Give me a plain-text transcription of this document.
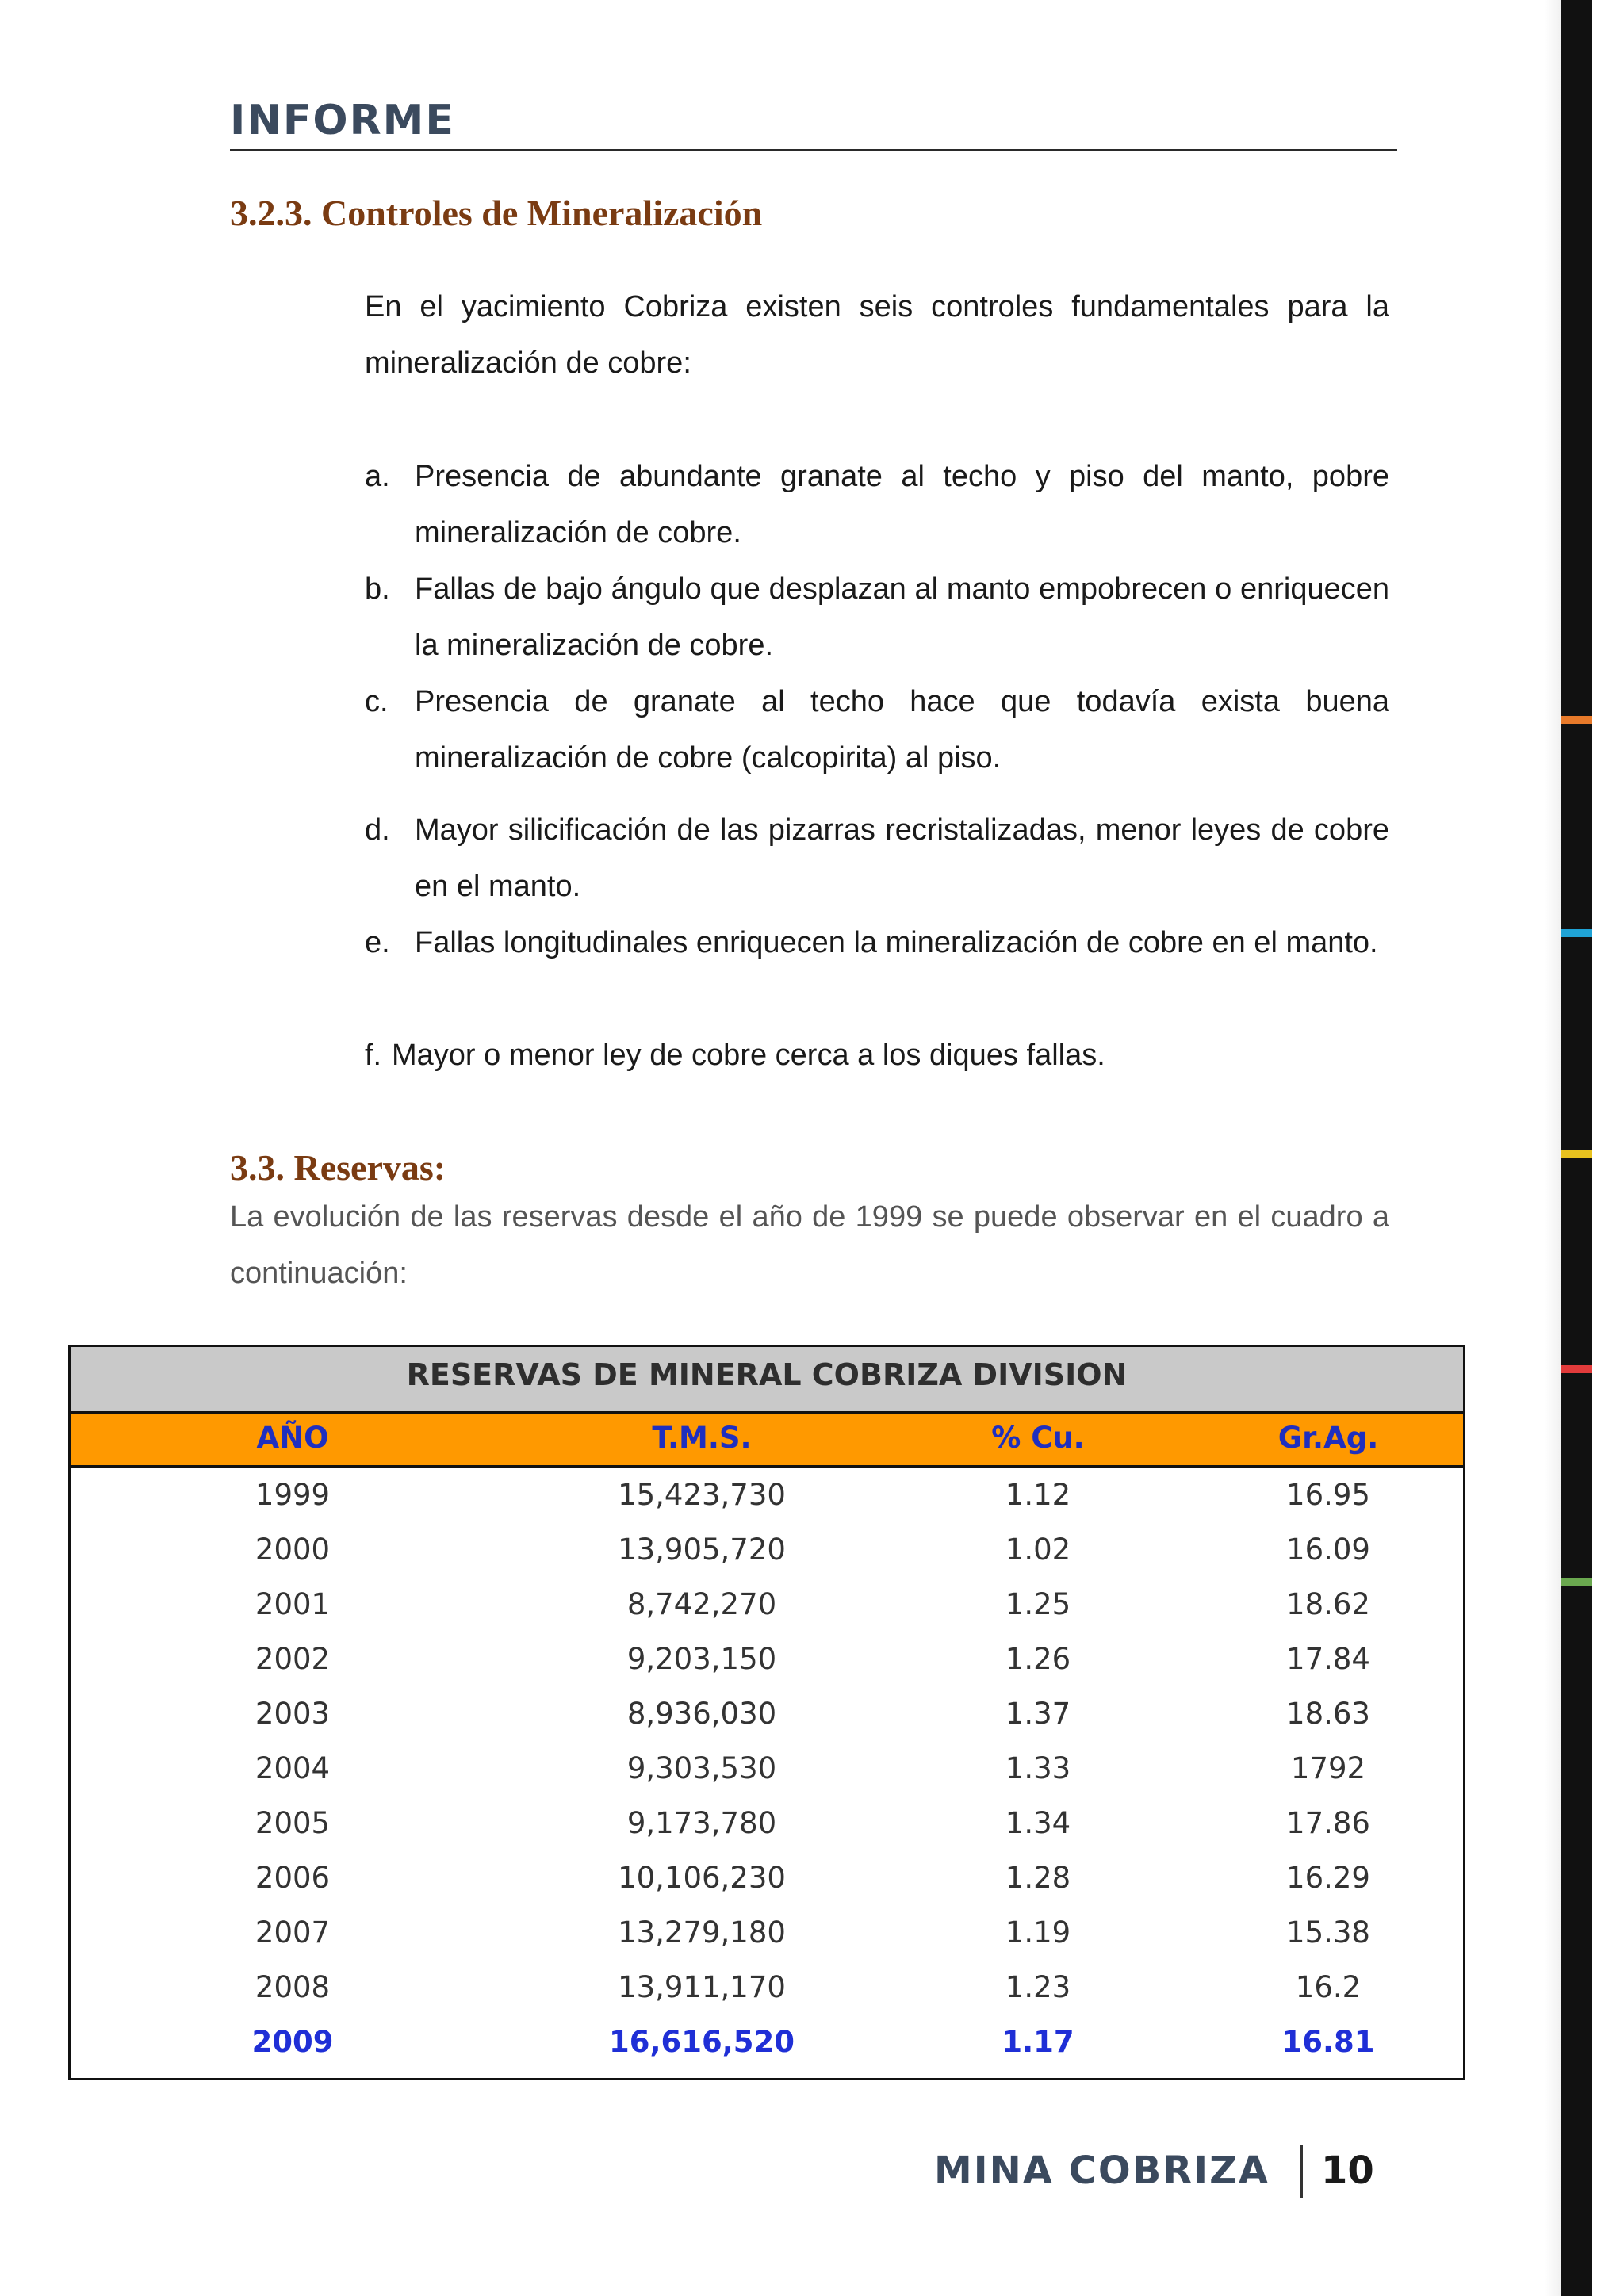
INFORME
3.2.3. Controles de Mineralización
En el yacimiento Cobriza existen seis controles fundamentales para la mineralización de cobre:
a. Presencia de abundante granate al techo y piso del manto, pobre mineralización de cobre.
b. Fallas de bajo ángulo que desplazan al manto empobrecen o enriquecen la mineralización de cobre.
c. Presencia de granate al techo hace que todavía exista buena mineralización de cobre (calcopirita) al piso.
d. Mayor silicificación de las pizarras recristalizadas, menor leyes de cobre en el manto.
e. Fallas longitudinales enriquecen la mineralización de cobre en el manto.
f. Mayor o menor ley de cobre cerca a los diques fallas.
3.3. Reservas:
La evolución de las reservas desde el año de 1999 se puede observar en el cuadro a continuación:
RESERVAS DE MINERAL COBRIZA DIVISION
AÑO	T.M.S.	% Cu.	Gr.Ag.
1999	15,423,730	1.12	16.95
2000	13,905,720	1.02	16.09
2001	8,742,270	1.25	18.62
2002	9,203,150	1.26	17.84
2003	8,936,030	1.37	18.63
2004	9,303,530	1.33	1792
2005	9,173,780	1.34	17.86
2006	10,106,230	1.28	16.29
2007	13,279,180	1.19	15.38
2008	13,911,170	1.23	16.2
2009	16,616,520	1.17	16.81
MINA COBRIZA 10
